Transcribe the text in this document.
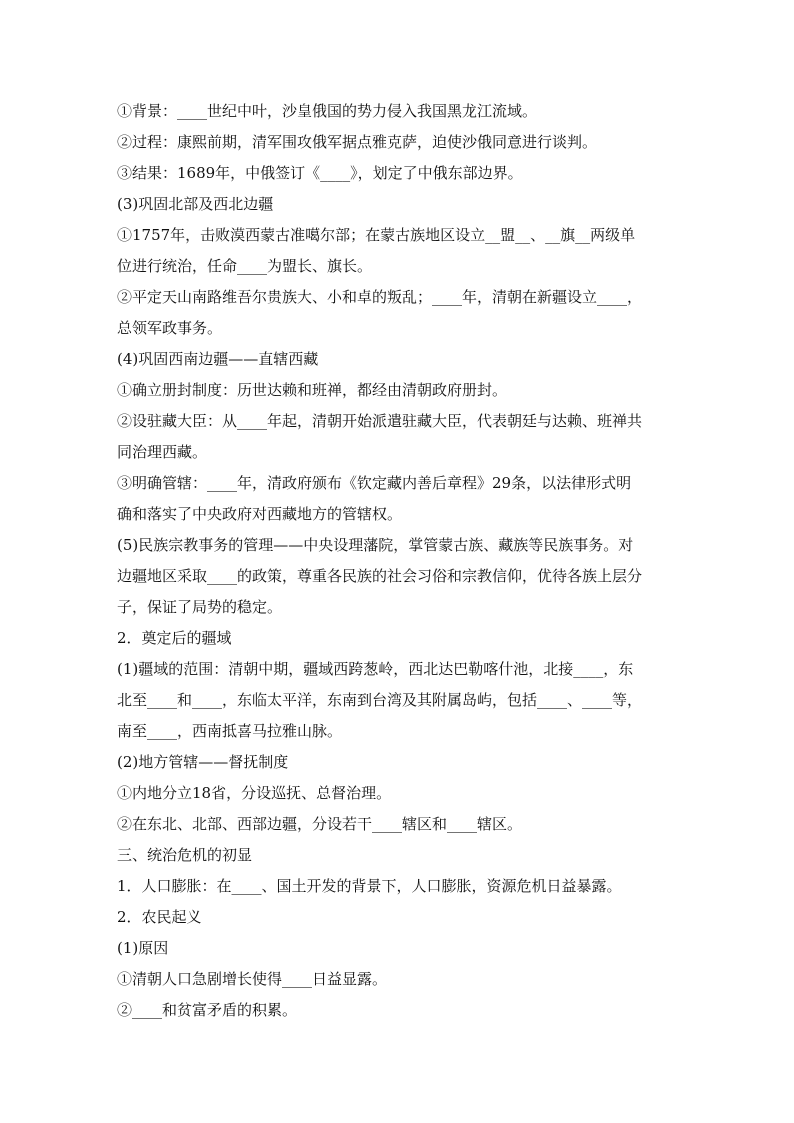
①背景：____世纪中叶，沙皇俄国的势力侵入我国黑龙江流域。
②过程：康熙前期，清军围攻俄军据点雅克萨，迫使沙俄同意进行谈判。
③结果：1689年，中俄签订《____》，划定了中俄东部边界。
(3)巩固北部及西北边疆
①1757年，击败漠西蒙古准噶尔部；在蒙古族地区设立__盟__、__旗__两级单
位进行统治，任命____为盟长、旗长。
②平定天山南路维吾尔贵族大、小和卓的叛乱；____年，清朝在新疆设立____，
总领军政事务。
(4)巩固西南边疆——直辖西藏
①确立册封制度：历世达赖和班禅，都经由清朝政府册封。
②设驻藏大臣：从____年起，清朝开始派遣驻藏大臣，代表朝廷与达赖、班禅共
同治理西藏。
③明确管辖：____年，清政府颁布《钦定藏内善后章程》29条，以法律形式明
确和落实了中央政府对西藏地方的管辖权。
(5)民族宗教事务的管理——中央设理藩院，掌管蒙古族、藏族等民族事务。对
边疆地区采取____的政策，尊重各民族的社会习俗和宗教信仰，优待各族上层分
子，保证了局势的稳定。
2．奠定后的疆域
(1)疆域的范围：清朝中期，疆域西跨葱岭，西北达巴勒喀什池，北接____，东
北至____和____，东临太平洋，东南到台湾及其附属岛屿，包括____、____等，
南至____，西南抵喜马拉雅山脉。
(2)地方管辖——督抚制度
①内地分立18省，分设巡抚、总督治理。
②在东北、北部、西部边疆，分设若干____辖区和____辖区。
三、统治危机的初显
1．人口膨胀：在____、国土开发的背景下，人口膨胀，资源危机日益暴露。
2．农民起义
(1)原因
①清朝人口急剧增长使得____日益显露。
②____和贫富矛盾的积累。
